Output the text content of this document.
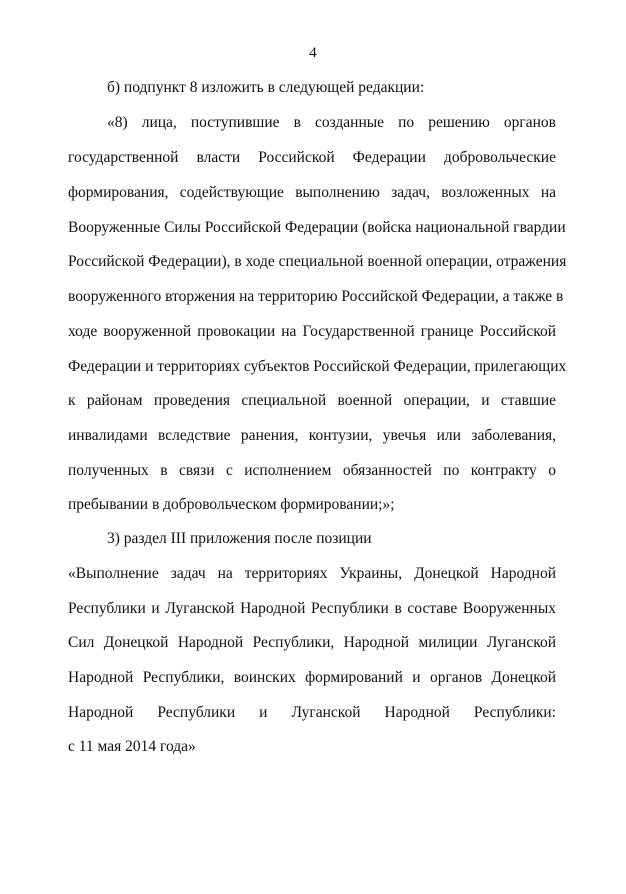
4
б) подпункт 8 изложить в следующей редакции:
«8) лица, поступившие в созданные по решению органов
государственной власти Российской Федерации добровольческие
формирования, содействующие выполнению задач, возложенных на
Вооруженные Силы Российской Федерации (войска национальной гвардии
Российской Федерации), в ходе специальной военной операции, отражения
вооруженного вторжения на территорию Российской Федерации, а также в
ходе вооруженной провокации на Государственной границе Российской
Федерации и территориях субъектов Российской Федерации, прилегающих
к районам проведения специальной военной операции, и ставшие
инвалидами вследствие ранения, контузии, увечья или заболевания,
полученных в связи с исполнением обязанностей по контракту о
пребывании в добровольческом формировании;»;
3) раздел III приложения после позиции
«Выполнение задач на территориях Украины, Донецкой Народной
Республики и Луганской Народной Республики в составе Вооруженных
Сил Донецкой Народной Республики, Народной милиции Луганской
Народной Республики, воинских формирований и органов Донецкой
Народной Республики и Луганской Народной Республики:
с 11 мая 2014 года»
